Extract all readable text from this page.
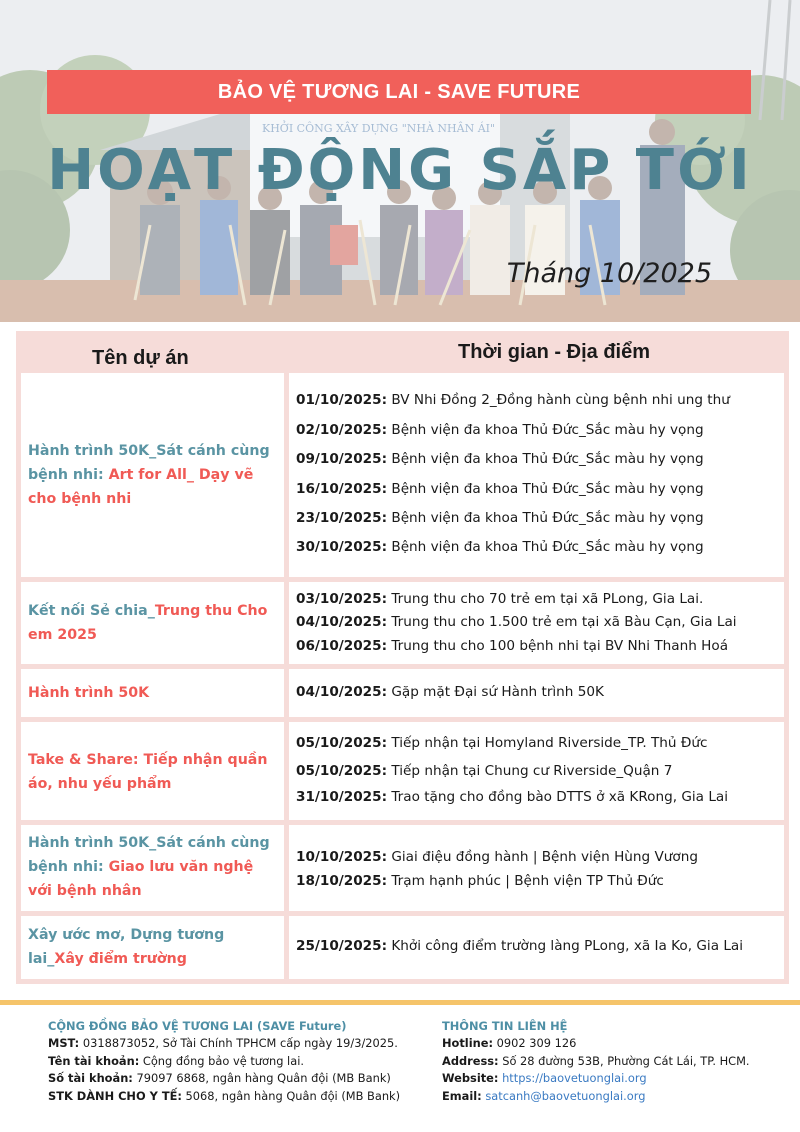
BẢO VỆ TƯƠNG LAI - SAVE FUTURE
HOẠT ĐỘNG SẮP TỚI
Tháng 10/2025
Tên dự án	Thời gian - Địa điểm
Hành trình 50K_Sát cánh cùng bệnh nhi: Art for All_ Dạy vẽ cho bệnh nhi
01/10/2025: BV Nhi Đồng 2_Đồng hành cùng bệnh nhi ung thư
02/10/2025: Bệnh viện đa khoa Thủ Đức_Sắc màu hy vọng
09/10/2025: Bệnh viện đa khoa Thủ Đức_Sắc màu hy vọng
16/10/2025: Bệnh viện đa khoa Thủ Đức_Sắc màu hy vọng
23/10/2025: Bệnh viện đa khoa Thủ Đức_Sắc màu hy vọng
30/10/2025: Bệnh viện đa khoa Thủ Đức_Sắc màu hy vọng
Kết nối Sẻ chia_Trung thu Cho em 2025
03/10/2025: Trung thu cho 70 trẻ em tại xã PLong, Gia Lai.
04/10/2025: Trung thu cho 1.500 trẻ em tại xã Bàu Cạn, Gia Lai
06/10/2025: Trung thu cho 100 bệnh nhi tại BV Nhi Thanh Hoá
Hành trình 50K	04/10/2025: Gặp mặt Đại sứ Hành trình 50K
Take & Share: Tiếp nhận quần áo, nhu yếu phẩm
05/10/2025: Tiếp nhận tại Homyland Riverside_TP. Thủ Đức
05/10/2025: Tiếp nhận tại Chung cư Riverside_Quận 7
31/10/2025: Trao tặng cho đồng bào DTTS ở xã KRong, Gia Lai
Hành trình 50K_Sát cánh cùng bệnh nhi: Giao lưu văn nghệ với bệnh nhân
10/10/2025: Giai điệu đồng hành | Bệnh viện Hùng Vương
18/10/2025: Trạm hạnh phúc | Bệnh viện TP Thủ Đức
Xây ước mơ, Dựng tương lai_Xây điểm trường
25/10/2025: Khởi công điểm trường làng PLong, xã Ia Ko, Gia Lai
CỘNG ĐỒNG BẢO VỆ TƯƠNG LAI (SAVE Future)
MST: 0318873052, Sở Tài Chính TPHCM cấp ngày 19/3/2025.
Tên tài khoản: Cộng đồng bảo vệ tương lai.
Số tài khoản: 79097 6868, ngân hàng Quân đội (MB Bank)
STK DÀNH CHO Y TẾ: 5068, ngân hàng Quân đội (MB Bank)
THÔNG TIN LIÊN HỆ
Hotline: 0902 309 126
Address: Số 28 đường 53B, Phường Cát Lái, TP. HCM.
Website: https://baovetuonglai.org
Email: satcanh@baovetuonglai.org
